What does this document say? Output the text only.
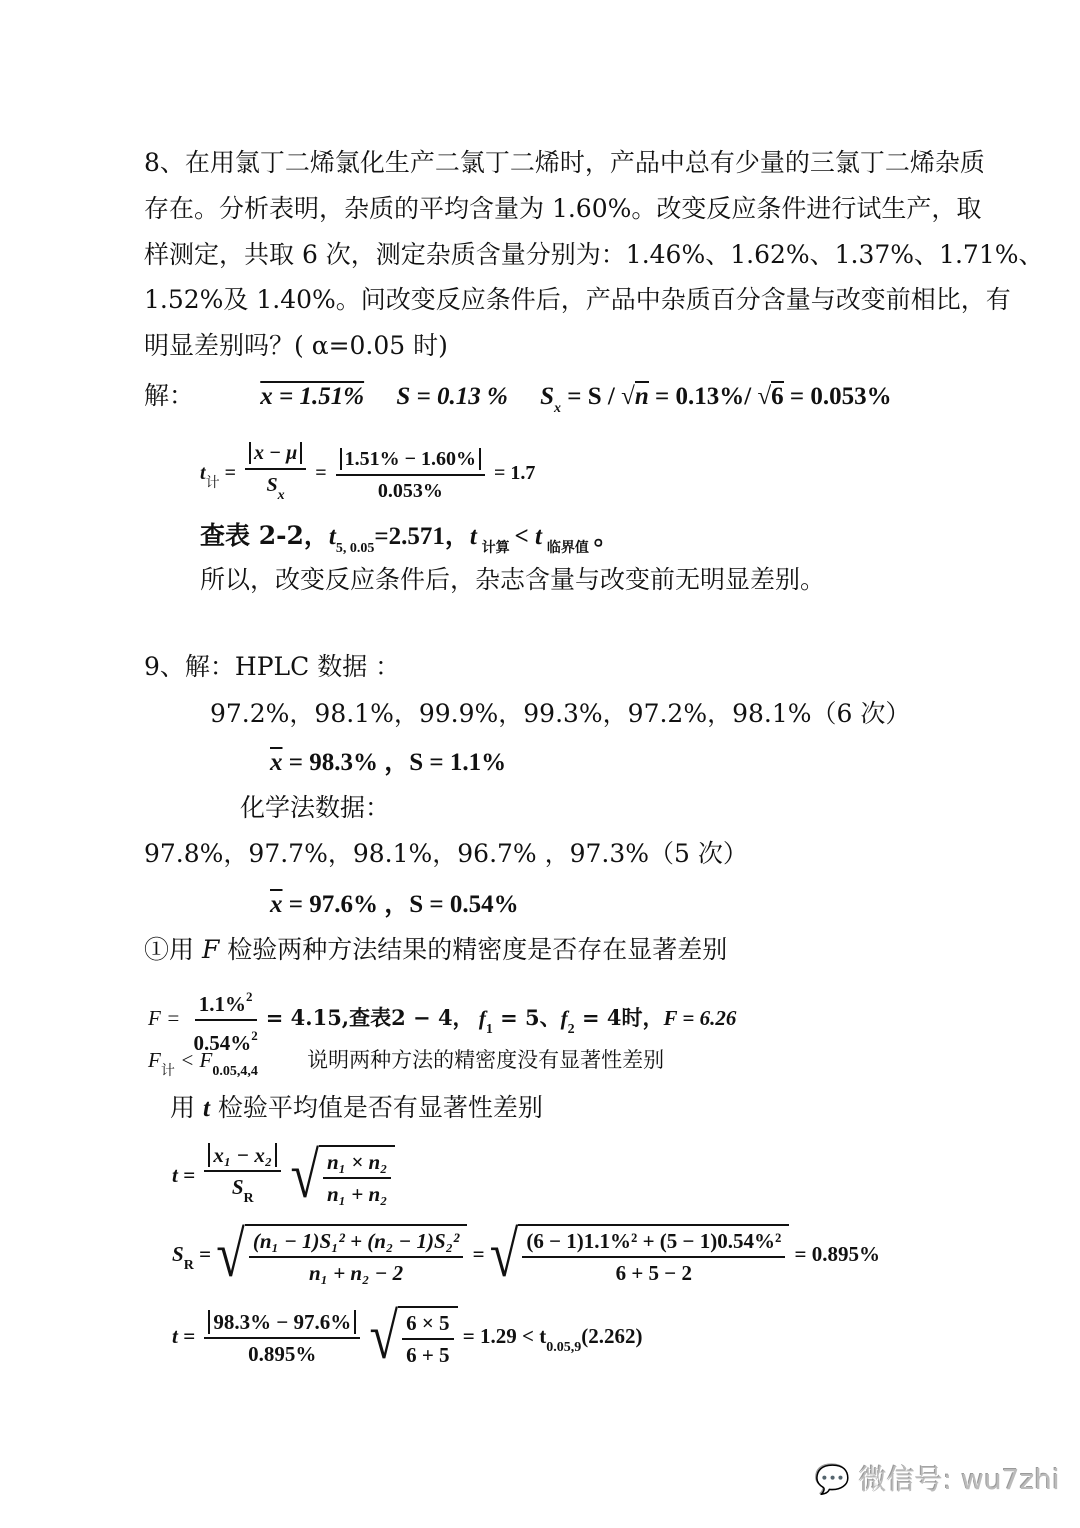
8、在用氯丁二烯氯化生产二氯丁二烯时，产品中总有少量的三氯丁二烯杂质
存在。分析表明，杂质的平均含量为 1.60%。改变反应条件进行试生产，取
样测定，共取 6 次，测定杂质含量分别为：1.46%、1.62%、1.37%、1.71%、
1.52%及 1.40%。问改变反应条件后，产品中杂质百分含量与改变前相比，有
明显差别吗？( α=0.05 时)
解：	x = 1.51% S = 0.13 % $S_x = S / √n = 0.13\%/$ √6 = 0.053%
$t_计 = \frac{x - \mu}{S_x} = \frac{1.51\% - 1.60\%}{0.053\%} = 1.7$
查表 2-2，$t_{5, 0.05}=2.571$，t $_{计算}$ < t $_{临界值}$ 。
所以，改变反应条件后，杂志含量与改变前无明显差别。
9、解：HPLC 数据 ：
97.2%，98.1%，99.9%，99.3%，97.2%，98.1%（6 次）
$\overline{x} = 98.3\%$ ，S = 1.1%
化学法数据：
97.8%，97.7%，98.1%，96.7% ，97.3%（5 次）
$\overline{x} = 97.6\%$ ，S = 0.54%
①用 F 检验两种方法结果的精密度是否存在显著差别
$F = \frac{1.1\%^2}{0.54\%^2} = 4.15$,查表2 − 4， $f_1 = 5$、$f_2 = 4$时，F = 6.26
$F_计 < F_{0.05,4,4}$ 说明两种方法的精密度没有显著性差别
用 t 检验平均值是否有显著性差别
$t = \frac{\text{x₁ − x₂}}{S_R}$
√ $\frac{\text{n₁ × n₂}}{\text{n₁ + n₂}}$
$S_R$ = √ $\frac{\text{(n₁ − 1)S₁² + (n₂ − 1)S₂²}}{\text{n₁ + n₂ − 2}}$ = √ $\frac{\text{(6 − 1)1.1\%² + (5 − 1)0.54\%²}}{6 + 5 - 2} = 0.895\%$
$t = \frac{98.3\% - 97.6\%}{0.895\%}$
√ $\frac{6 \times 5}{6 + 5} = 1.29 < t_{0.05,9}(2.262)$
💬 微信号: wu7zhi
